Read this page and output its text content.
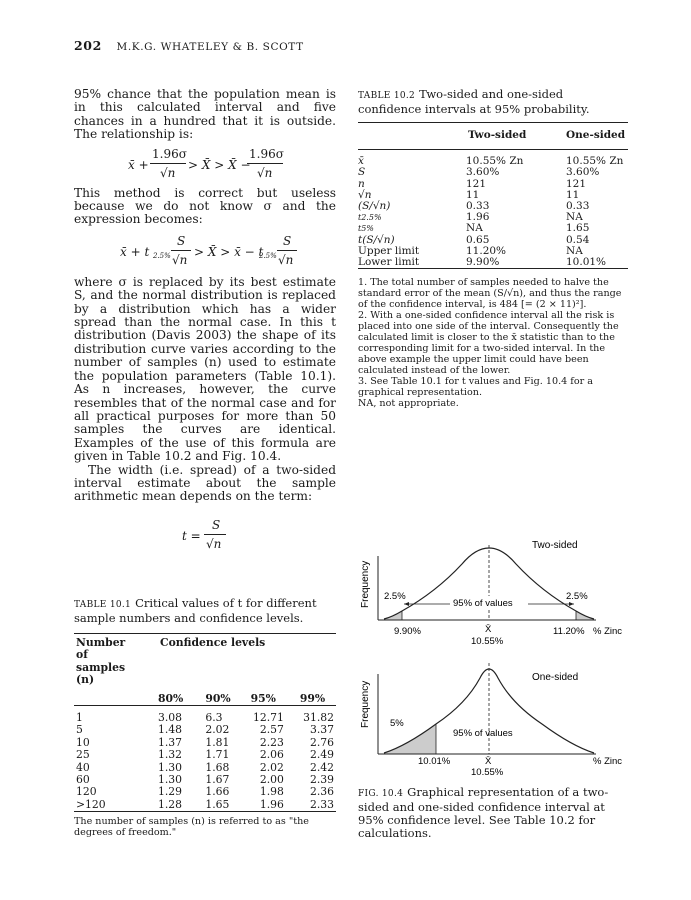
202 M.K.G. WHATELEY & B. SCOTT

95% chance that the population mean is in this calculated interval and five chances in a hundred that it is outside. The relationship is:

x̄ +
1.96σ
√n
> X̄ > X̄ −
1.96σ
√n

This method is correct but useless because we do not know σ and the expression becomes:

x̄ + t 2.5%
S
√n
> X̄ > x̄ − t
2.5%
S
√n

where σ is replaced by its best estimate S, and the normal distribution is replaced by a distribution which has a wider spread than the normal case. In this t distribution (Davis 2003) the shape of its distribution curve varies according to the number of samples (n) used to estimate the population parameters (Table 10.1). As n increases, however, the curve resembles that of the normal case and for all practical purposes for more than 50 samples the curves are identical. Examples of the use of this formula are given in Table 10.2 and Fig. 10.4.

The width (i.e. spread) of a two-sided interval estimate about the sample arithmetic mean depends on the term:

t =
S
√n
TABLE 10.1 Critical values of t for different sample numbers and confidence levels.
Number of samples (n)	Confidence levels			
	80%	90%	95%	99%

1	3.08	6.3	12.71	31.82
5	1.48	2.02	2.57	3.37
10	1.37	1.81	2.23	2.76
25	1.32	1.71	2.06	2.49
40	1.30	1.68	2.02	2.42
60	1.30	1.67	2.00	2.39
120	1.29	1.66	1.98	2.36
>120	1.28	1.65	1.96	2.33

The number of samples (n) is referred to as "the degrees of freedom."
TABLE 10.2 Two-sided and one-sided confidence intervals at 95% probability.
	Two-sided	One-sided

x̄	10.55% Zn	10.55% Zn
S	3.60%	3.60%
n	121	121
√n	11	11
(S/√n)	0.33	0.33
t2.5%	1.96	NA
t5%	NA	1.65
t(S/√n)	0.65	0.54
Upper limit	11.20%	NA
Lower limit	9.90%	10.01%

1. The total number of samples needed to halve the standard error of the mean (S/√n), and thus the range of the confidence interval, is 484 [= (2 × 11)²].
2. With a one-sided confidence interval all the risk is placed into one side of the interval. Consequently the calculated limit is closer to the x̄ statistic than to the corresponding limit for a two-sided interval. In the above example the upper limit could have been calculated instead of the lower.
3. See Table 10.1 for t values and Fig. 10.4 for a graphical representation.
NA, not appropriate.
Two-sided
Frequency	95% of values
2.5%	2.5%
9.90%	X̄
10.55%
11.20% % Zinc
One-sided
Frequency 5%
95% of values
10.01%	X̄
10.55%
% Zinc
FIG. 10.4 Graphical representation of a two-sided and one-sided confidence interval at 95% confidence level. See Table 10.2 for calculations.
